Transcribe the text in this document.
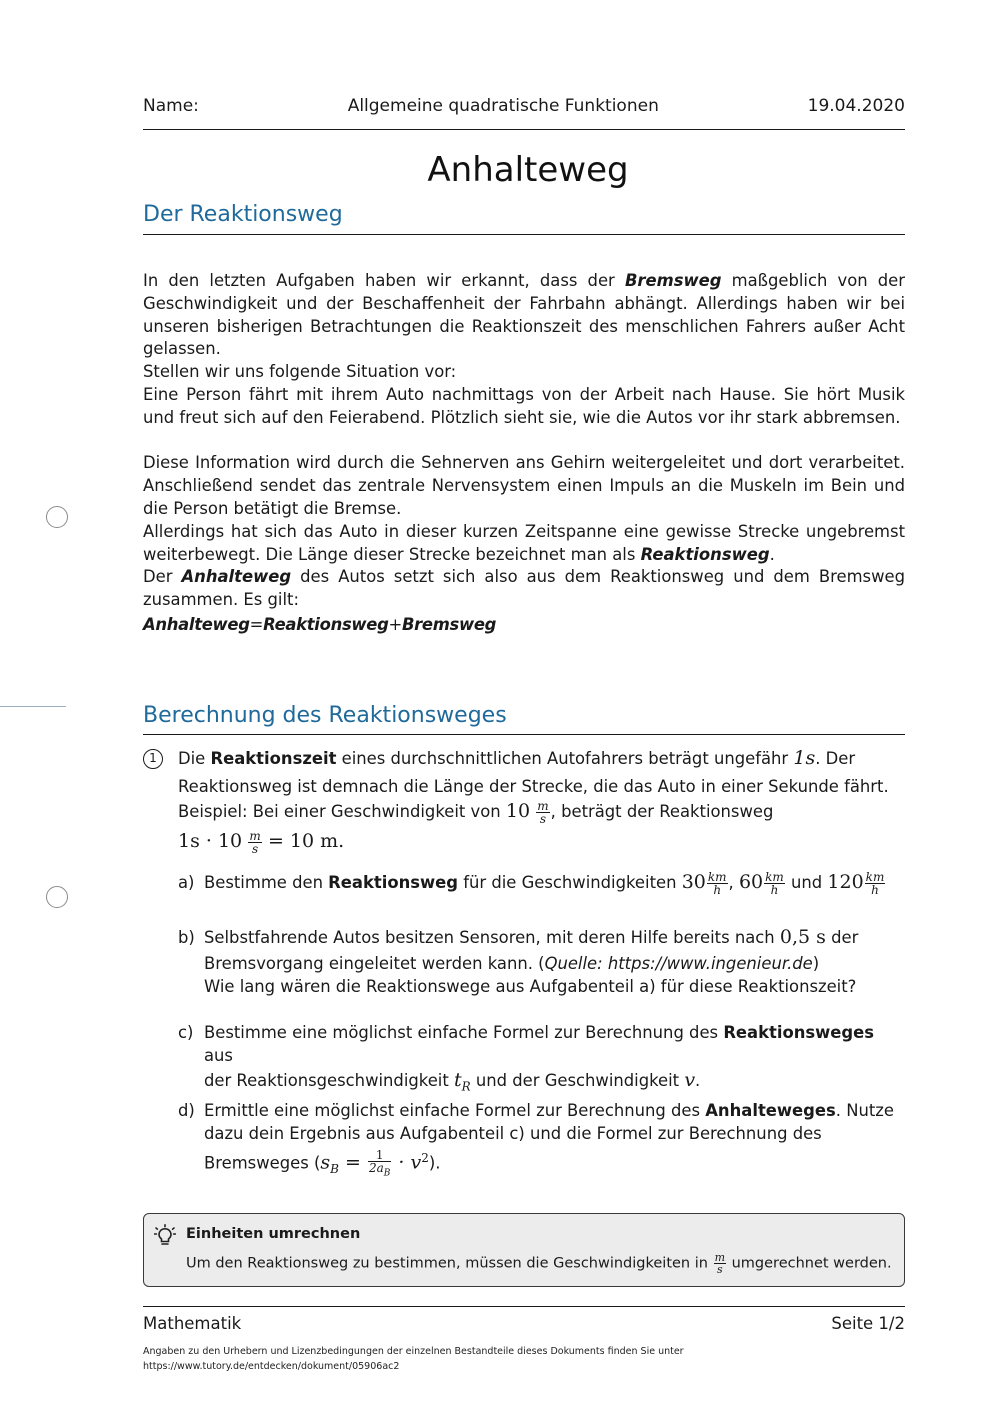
Name:	Allgemeine quadratische Funktionen	19.04.2020
Anhalteweg
Der Reaktionsweg

In den letzten Aufgaben haben wir erkannt, dass der Bremsweg maßgeblich von der Geschwindigkeit und der Beschaffenheit der Fahrbahn abhängt. Allerdings haben wir bei unseren bisherigen Betrachtungen die Reaktionszeit des menschlichen Fahrers außer Acht gelassen.

Stellen wir uns folgende Situation vor:

Eine Person fährt mit ihrem Auto nachmittags von der Arbeit nach Hause. Sie hört Musik und freut sich auf den Feierabend. Plötzlich sieht sie, wie die Autos vor ihr stark abbremsen.

Diese Information wird durch die Sehnerven ans Gehirn weitergeleitet und dort verarbeitet. Anschließend sendet das zentrale Nervensystem einen Impuls an die Muskeln im Bein und die Person betätigt die Bremse.

Allerdings hat sich das Auto in dieser kurzen Zeitspanne eine gewisse Strecke ungebremst weiterbewegt. Die Länge dieser Strecke bezeichnet man als Reaktionsweg.

Der Anhalteweg des Autos setzt sich also aus dem Reaktionsweg und dem Bremsweg zusammen. Es gilt:

Anhalteweg=Reaktionsweg+Bremsweg
Berechnung des Reaktionsweges
1	Die Reaktionszeit eines durchschnittlichen Autofahrers beträgt ungefähr 1s. Der

Reaktionsweg ist demnach die Länge der Strecke, die das Auto in einer Sekunde fährt.

Beispiel: Bei einer Geschwindigkeit von $10 \frac{m}{s}$ , beträgt der Reaktionsweg

$1s \cdot 10 \frac{m}{s} = 10$ m.

a) Bestimme den Reaktionsweg für die Geschwindigkeiten $30 \frac{km}{h}$ , $60 \frac{km}{h}$ und $120 \frac{km}{h}$
b) Selbstfahrende Autos besitzen Sensoren, mit deren Hilfe bereits nach 0,5 s der

Bremsvorgang eingeleitet werden kann. (Quelle: https://www.ingenieur.de)

Wie lang wären die Reaktionswege aus Aufgabenteil a) für diese Reaktionszeit?

c) Bestimme eine möglichst einfache Formel zur Berechnung des Reaktionsweges aus

der Reaktionsgeschwindigkeit $t_R$ und der Geschwindigkeit v.

d) Ermittle eine möglichst einfache Formel zur Berechnung des Anhalteweges. Nutze

dazu dein Ergebnis aus Aufgabenteil c) und die Formel zur Berechnung des

Bremsweges $(s_B = \frac{1}{2a_B} \cdot v^2)$.

Einheiten umrechnen
Um den Reaktionsweg zu bestimmen, müssen die Geschwindigkeiten in $\frac{m}{s}$ umgerechnet werden.
Mathematik	Seite 1/2
Angaben zu den Urhebern und Lizenzbedingungen der einzelnen Bestandteile dieses Dokuments finden Sie unter
https://www.tutory.de/entdecken/dokument/05906ac2
